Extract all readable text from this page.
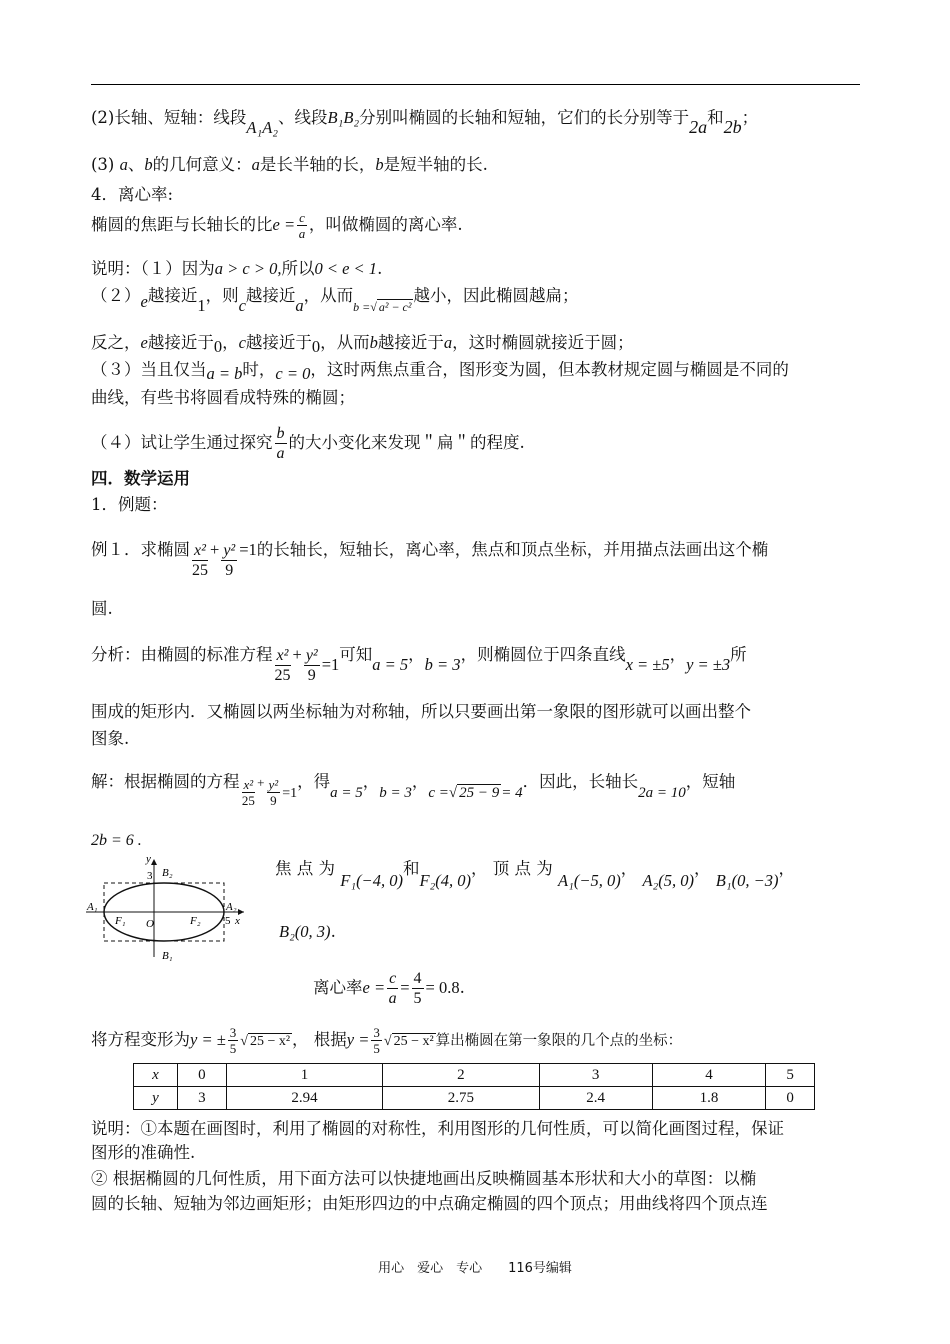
(2)长轴、短轴：线段A₁A₂、线段B₁B₂分别叫椭圆的长轴和短轴，它们的长分别等于2a和2b；
(3) a、b的几何意义：a是长半轴的长，b是短半轴的长.
4．离心率:
椭圆的焦距与长轴长的比$e = \frac{c}{a}$ ，叫做椭圆的离心率.
说明：（１）因为a > c > 0,所以0 < e < 1.
（２）e越接近1，则c越接近a，从而$_{b =√ a^2 - c^2}$越小，因此椭圆越扁；
反之，e越接近于0，c越接近于0，从而b越接近于a，这时椭圆就接近于圆；
（３）当且仅当a = b时，c = 0，这时两焦点重合，图形变为圆，但本教材规定圆与椭圆是不同的
曲线，有些书将圆看成特殊的椭圆；
（４）试让学生通过探究 $\frac{b}{a}$ 的大小变化来发现＂扁＂的程度.
四．数学运用
1．例题：
例１．求椭圆 $\frac{\text{x²}}{25} + \frac{\text{y²}}{9} =1$的长轴长，短轴长，离心率，焦点和顶点坐标，并用描点法画出这个椭
圆.
分析：由椭圆的标准方程 $\frac{\text{x²}}{25} + \frac{\text{y²}}{9} =1$可知a = 5，b = 3，则椭圆位于四条直线x = ±5，y = ±3所
围成的矩形内．又椭圆以两坐标轴为对称轴，所以只要画出第一象限的图形就可以画出整个
图象.
解：根据椭圆的方程 $\frac{\text{x²}}{25} + \frac{\text{y²}}{9} _{=1}$，得a = 5，b = 3，c =√ 25 − 9 = 4．因此，长轴长2a = 10，短轴
2b = 6 .
y
B₂
3
A₁
F₁ O	F₂
A₂
5 x
B₁
焦 点 为 F₁(−4, 0)和F₂(4, 0)， 顶 点 为 A₁(−5, 0)， A₂(5, 0)， B₁(0, −3)，
B₂(0, 3).
离心率$e = \frac{c}{a} = \frac{4}{5} = 0.8$.
将方程变形为y = ± $\frac{3}{5}$ √ 25 − x² ， 根据$y = \frac{3}{5}$ √ 25 − x² 算出椭圆在第一象限的几个点的坐标：
x	0	1	2	3	4	5
y	3	2.94	2.75	2.4	1.8	0
说明：①本题在画图时，利用了椭圆的对称性，利用图形的几何性质，可以简化画图过程，保证
图形的准确性.
② 根据椭圆的几何性质，用下面方法可以快捷地画出反映椭圆基本形状和大小的草图：以椭
圆的长轴、短轴为邻边画矩形；由矩形四边的中点确定椭圆的四个顶点；用曲线将四个顶点连
用心　爱心　专心　　116号编辑
